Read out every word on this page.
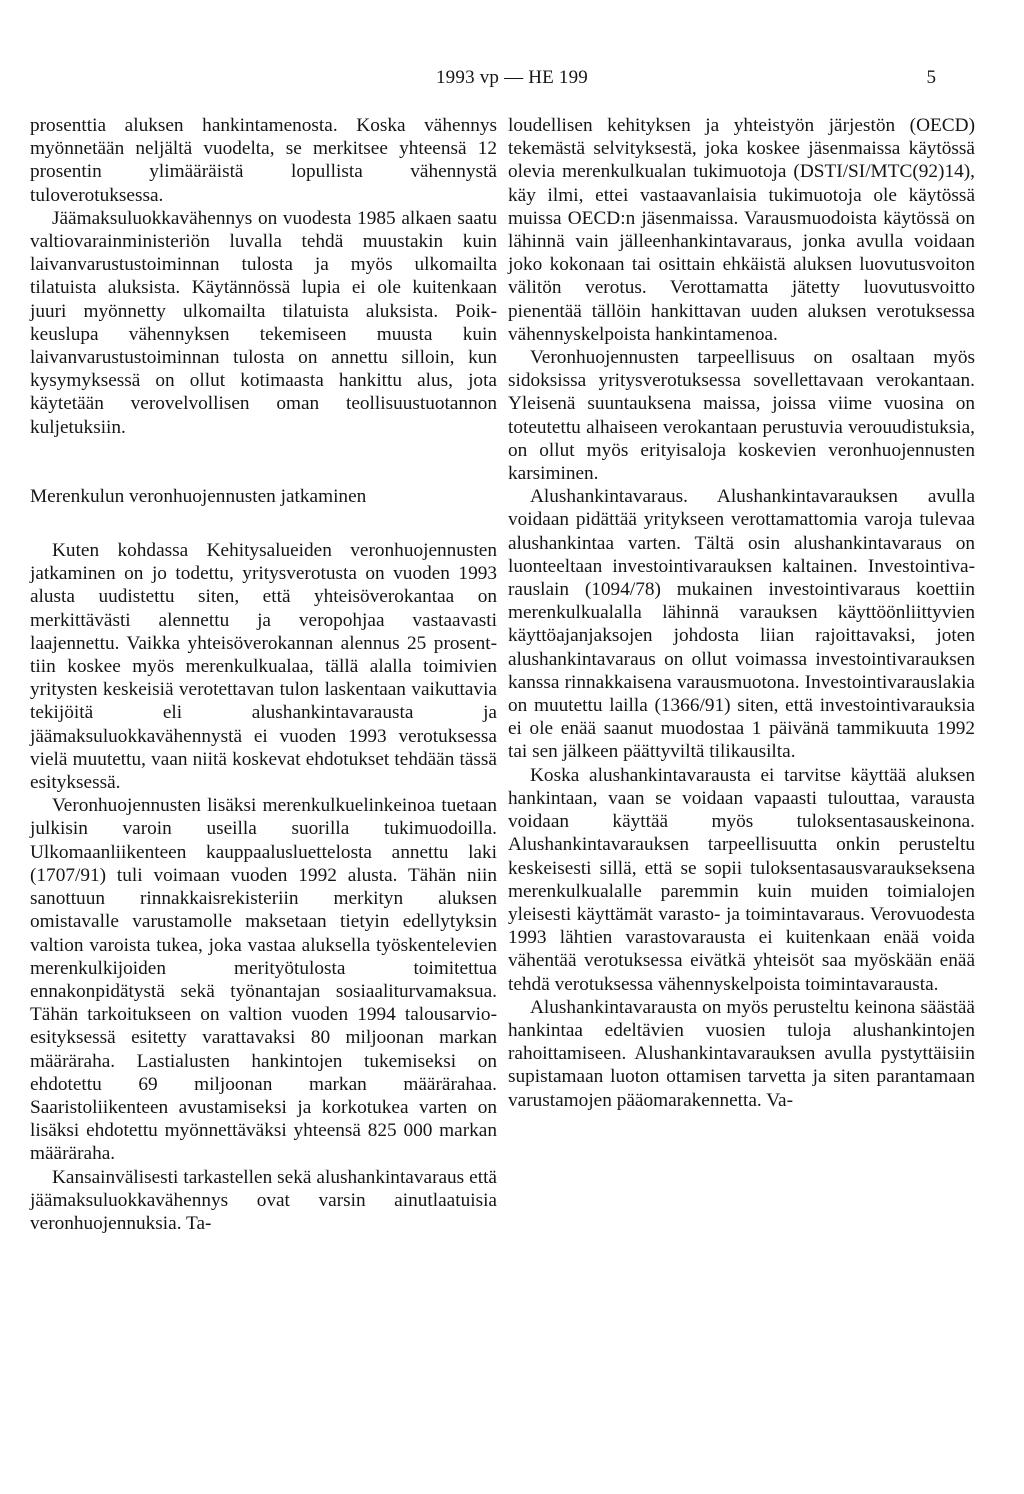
1993 vp — HE 199	5

prosenttia aluksen hankintamenosta. Koska vähennys myönnetään neljältä vuodelta, se merkitsee yhteensä 12 prosentin ylimääräistä lopullista vähennystä tuloverotuksessa.

Jäämaksuluokkavähennys on vuodesta 1985 alkaen saatu valtiovarainministeriön luvalla tehdä muustakin kuin laivanvarustustoiminnan tulosta ja myös ulkomailta tilatuista aluksista. Käytännössä lupia ei ole kuitenkaan juuri myönnetty ulkomailta tilatuista aluksista. Poikkeuslupa vähennyksen tekemiseen muusta kuin laivanvarustustoiminnan tulosta on annettu silloin, kun kysymyksessä on ollut kotimaasta hankittu alus, jota käytetään verovelvollisen oman teollisuustuotannon kuljetuksiin.

Merenkulun veronhuojennusten jatkaminen

Kuten kohdassa Kehitysalueiden veronhuojennusten jatkaminen on jo todettu, yritysverotusta on vuoden 1993 alusta uudistettu siten, että yhteisöverokantaa on merkittävästi alennettu ja veropohjaa vastaavasti laajennettu. Vaikka yhteisöverokannan alennus 25 prosenttiin koskee myös merenkulkualaa, tällä alalla toimivien yritysten keskeisiä verotettavan tulon laskentaan vaikuttavia tekijöitä eli alushankintavarausta ja jäämaksuluokkavähennystä ei vuoden 1993 verotuksessa vielä muutettu, vaan niitä koskevat ehdotukset tehdään tässä esityksessä.

Veronhuojennusten lisäksi merenkulkuelinkeinoa tuetaan julkisin varoin useilla suorilla tukimuodoilla. Ulkomaanliikenteen kauppaalusluettelosta annettu laki (1707/91) tuli voimaan vuoden 1992 alusta. Tähän niin sanottuun rinnakkaisrekisteriin merkityn aluksen omistavalle varustamolle maksetaan tietyin edellytyksin valtion varoista tukea, joka vastaa aluksella työskentelevien merenkulkijoiden merityötulosta toimitettua ennakonpidätystä sekä työnantajan sosiaaliturvamaksua. Tähän tarkoitukseen on valtion vuoden 1994 talousarvioesityksessä esitetty varattavaksi 80 miljoonan markan määräraha. Lastialusten hankintojen tukemiseksi on ehdotettu 69 miljoonan markan määrärahaa. Saaristoliikenteen avustamiseksi ja korkotukea varten on lisäksi ehdotettu myönnettäväksi yhteensä 825 000 markan määräraha.

Kansainvälisesti tarkastellen sekä alushankintavaraus että jäämaksuluokkavähennys ovat varsin ainutlaatuisia veronhuojennuksia. Ta-

loudellisen kehityksen ja yhteistyön järjestön (OECD) tekemästä selvityksestä, joka koskee jäsenmaissa käytössä olevia merenkulkualan tukimuotoja (DSTI/SI/MTC(92)14), käy ilmi, ettei vastaavanlaisia tukimuotoja ole käytössä muissa OECD:n jäsenmaissa. Varausmuodoista käytössä on lähinnä vain jälleenhankintavaraus, jonka avulla voidaan joko kokonaan tai osittain ehkäistä aluksen luovutusvoiton välitön verotus. Verottamatta jätetty luovutusvoitto pienentää tällöin hankittavan uuden aluksen verotuksessa vähennyskelpoista hankintamenoa.

Veronhuojennusten tarpeellisuus on osaltaan myös sidoksissa yritysverotuksessa sovellettavaan verokantaan. Yleisenä suuntauksena maissa, joissa viime vuosina on toteutettu alhaiseen verokantaan perustuvia verouudistuksia, on ollut myös erityisaloja koskevien veronhuojennusten karsiminen.

Alushankintavaraus. Alushankintavarauksen avulla voidaan pidättää yritykseen verottamattomia varoja tulevaa alushankintaa varten. Tältä osin alushankintavaraus on luonteeltaan investointivarauksen kaltainen. Investointivarauslain (1094/78) mukainen investointivaraus koettiin merenkulkualalla lähinnä varauksen käyttöönliittyvien käyttöajanjaksojen johdosta liian rajoittavaksi, joten alushankintavaraus on ollut voimassa investointivarauksen kanssa rinnakkaisena varausmuotona. Investointivarauslakia on muutettu lailla (1366/91) siten, että investointivarauksia ei ole enää saanut muodostaa 1 päivänä tammikuuta 1992 tai sen jälkeen päättyviltä tilikausilta.

Koska alushankintavarausta ei tarvitse käyttää aluksen hankintaan, vaan se voidaan vapaasti tulouttaa, varausta voidaan käyttää myös tuloksentasauskeinona. Alushankintavarauksen tarpeellisuutta onkin perusteltu keskeisesti sillä, että se sopii tuloksentasausvaraukseksena merenkulkualalle paremmin kuin muiden toimialojen yleisesti käyttämät varasto- ja toimintavaraus. Verovuodesta 1993 lähtien varastovarausta ei kuitenkaan enää voida vähentää verotuksessa eivätkä yhteisöt saa myöskään enää tehdä verotuksessa vähennyskelpoista toimintavarausta.

Alushankintavarausta on myös perusteltu keinona säästää hankintaa edeltävien vuosien tuloja alushankintojen rahoittamiseen. Alushankintavarauksen avulla pystyttäisiin supistamaan luoton ottamisen tarvetta ja siten parantamaan varustamojen pääomarakennetta. Va-
